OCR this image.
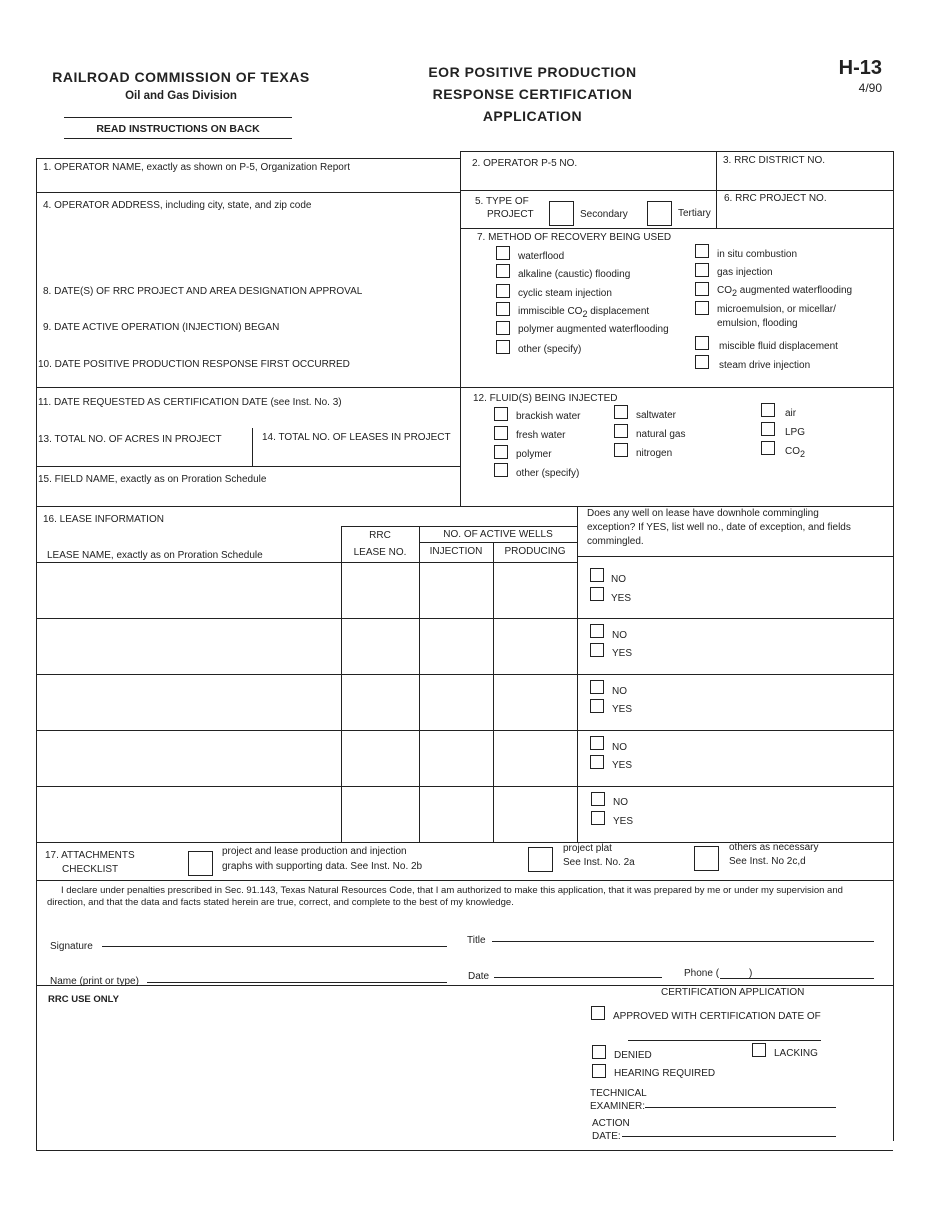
RAILROAD COMMISSION OF TEXAS
Oil and Gas Division
READ INSTRUCTIONS ON BACK
EOR POSITIVE PRODUCTION
RESPONSE CERTIFICATION
APPLICATION
H-13
4/90
1. OPERATOR NAME, exactly as shown on P-5, Organization Report	2. OPERATOR P-5 NO.	3. RRC DISTRICT NO.
4. OPERATOR ADDRESS, including city, state, and zip code	5. TYPE OF
PROJECT	Secondary	Tertiary
6. RRC PROJECT NO.
7. METHOD OF RECOVERY BEING USED
8. DATE(S) OF RRC PROJECT AND AREA DESIGNATION APPROVAL
9. DATE ACTIVE OPERATION (INJECTION) BEGAN
10. DATE POSITIVE PRODUCTION RESPONSE FIRST OCCURRED
11. DATE REQUESTED AS CERTIFICATION DATE (see Inst. No. 3)
13. TOTAL NO. OF ACRES IN PROJECT	14. TOTAL NO. OF LEASES IN PROJECT
15. FIELD NAME, exactly as on Proration Schedule
waterflood
alkaline (caustic) flooding
cyclic steam injection
immiscible CO2 displacement
polymer augmented waterflooding
other (specify)
in situ combustion
gas injection
CO2 augmented waterflooding
microemulsion, or micellar/
emulsion, flooding
miscible fluid displacement
steam drive injection
12. FLUID(S) BEING INJECTED
brackish water
fresh water
polymer
other (specify)
saltwater
natural gas
nitrogen
air
LPG
CO2
16. LEASE INFORMATION
RRC
LEASE NO.
LEASE NAME, exactly as on Proration Schedule
NO. OF ACTIVE WELLS
INJECTION	PRODUCING
Does any well on lease have downhole commingling exception? If YES, list well no., date of exception, and fields commingled.
NO
YES
NO
YES
NO
YES
NO
YES
NO
YES
17. ATTACHMENTS
CHECKLIST
project and lease production and injection
graphs with supporting data. See Inst. No. 2b
project plat
See Inst. No. 2a
others as necessary
See Inst. No 2c,d
I declare under penalties prescribed in Sec. 91.143, Texas Natural Resources Code, that I am authorized to make this application, that it was prepared by me or under my supervision and direction, and that the data and facts stated herein are true, correct, and complete to the best of my knowledge.
Signature
Title
Name (print or type)	Date	Phone (	)
RRC USE ONLY
CERTIFICATION APPLICATION
APPROVED WITH CERTIFICATION DATE OF
DENIED	LACKING
HEARING REQUIRED
TECHNICAL
EXAMINER:
ACTION
DATE:
